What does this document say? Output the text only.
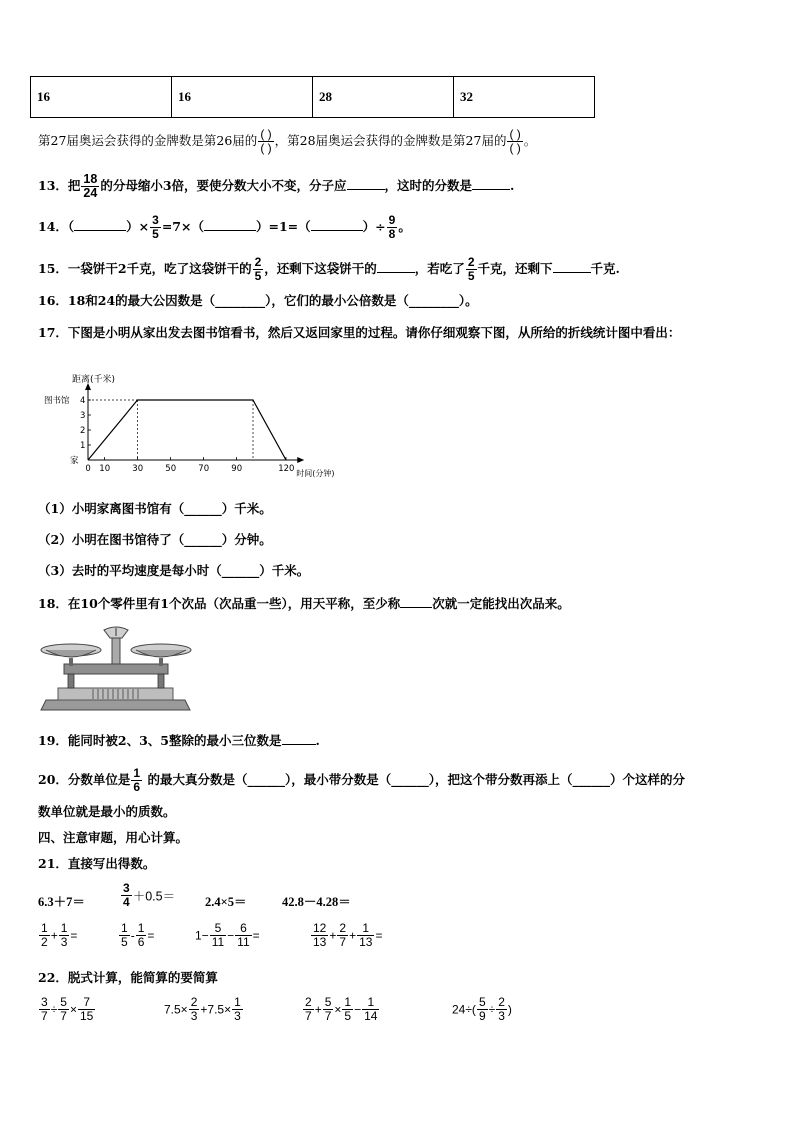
16	16	28	32
第27届奥运会获得的金牌数是第26届的 $\frac{( )}{( )}$ ，第28届奥运会获得的金牌数是第27届的 $\frac{( )}{( )}$ 。
13．把 $\frac{18}{24}$ 的分母缩小3倍，要使分数大小不变，分子应	，这时的分数是	.
14．（	）× $\frac{3}{5} =7\times$（	）=1=（	）÷ $\frac{9}{8}$ 。
15．一袋饼干2千克，吃了这袋饼干的 $\frac{2}{5}$ ，还剩下这袋饼干的	，若吃了 $\frac{2}{5}$ 千克，还剩下	千克.
16．18和24的最大公因数是（________），它们的最小公倍数是（________）。
17．下图是小明从家出发去图书馆看书，然后又返回家里的过程。请你仔细观察下图，从所给的折线统计图中看出：
距离(千米)
时间(分钟)
0 10	30	50	70	90	120
1
2
3
4
图书馆
家
（1）小明家离图书馆有（______）千米。
（2）小明在图书馆待了（______）分钟。
（3）去时的平均速度是每小时（______）千米。
18．在10个零件里有1个次品（次品重一些），用天平称，至少称	次就一定能找出次品来。
19．能同时被2、3、5整除的最小三位数是	.
20．分数单位是 $\frac{1}{6}$ 的最大真分数是（______），最小带分数是（______），把这个带分数再添上（______）个这样的分
数单位就是最小的质数。
四、注意审题，用心计算。
21．直接写出得数。
6.3＋7＝	$\frac{3}{4} +0.5= 2.4\times 5=$	42.8－4.28＝
$\frac{1}{2} + \frac{1}{3}$ =	$\frac{1}{5} - \frac{1}{6}$ =	$1- \frac{5}{11} - \frac{6}{11}$ =	$\frac{12}{13} + \frac{2}{7} + \frac{1}{13}$ =
22．脱式计算，能简算的要简算
$\frac{3}{7} \div \frac{5}{7} \times \frac{7}{15}$	$7.5\times \frac{2}{3} +7.5\times \frac{1}{3}$	$\frac{2}{7} + \frac{5}{7} \times \frac{1}{5} - \frac{1}{14}$	$24\div( \frac{5}{9} \div \frac{2}{3}$ )
